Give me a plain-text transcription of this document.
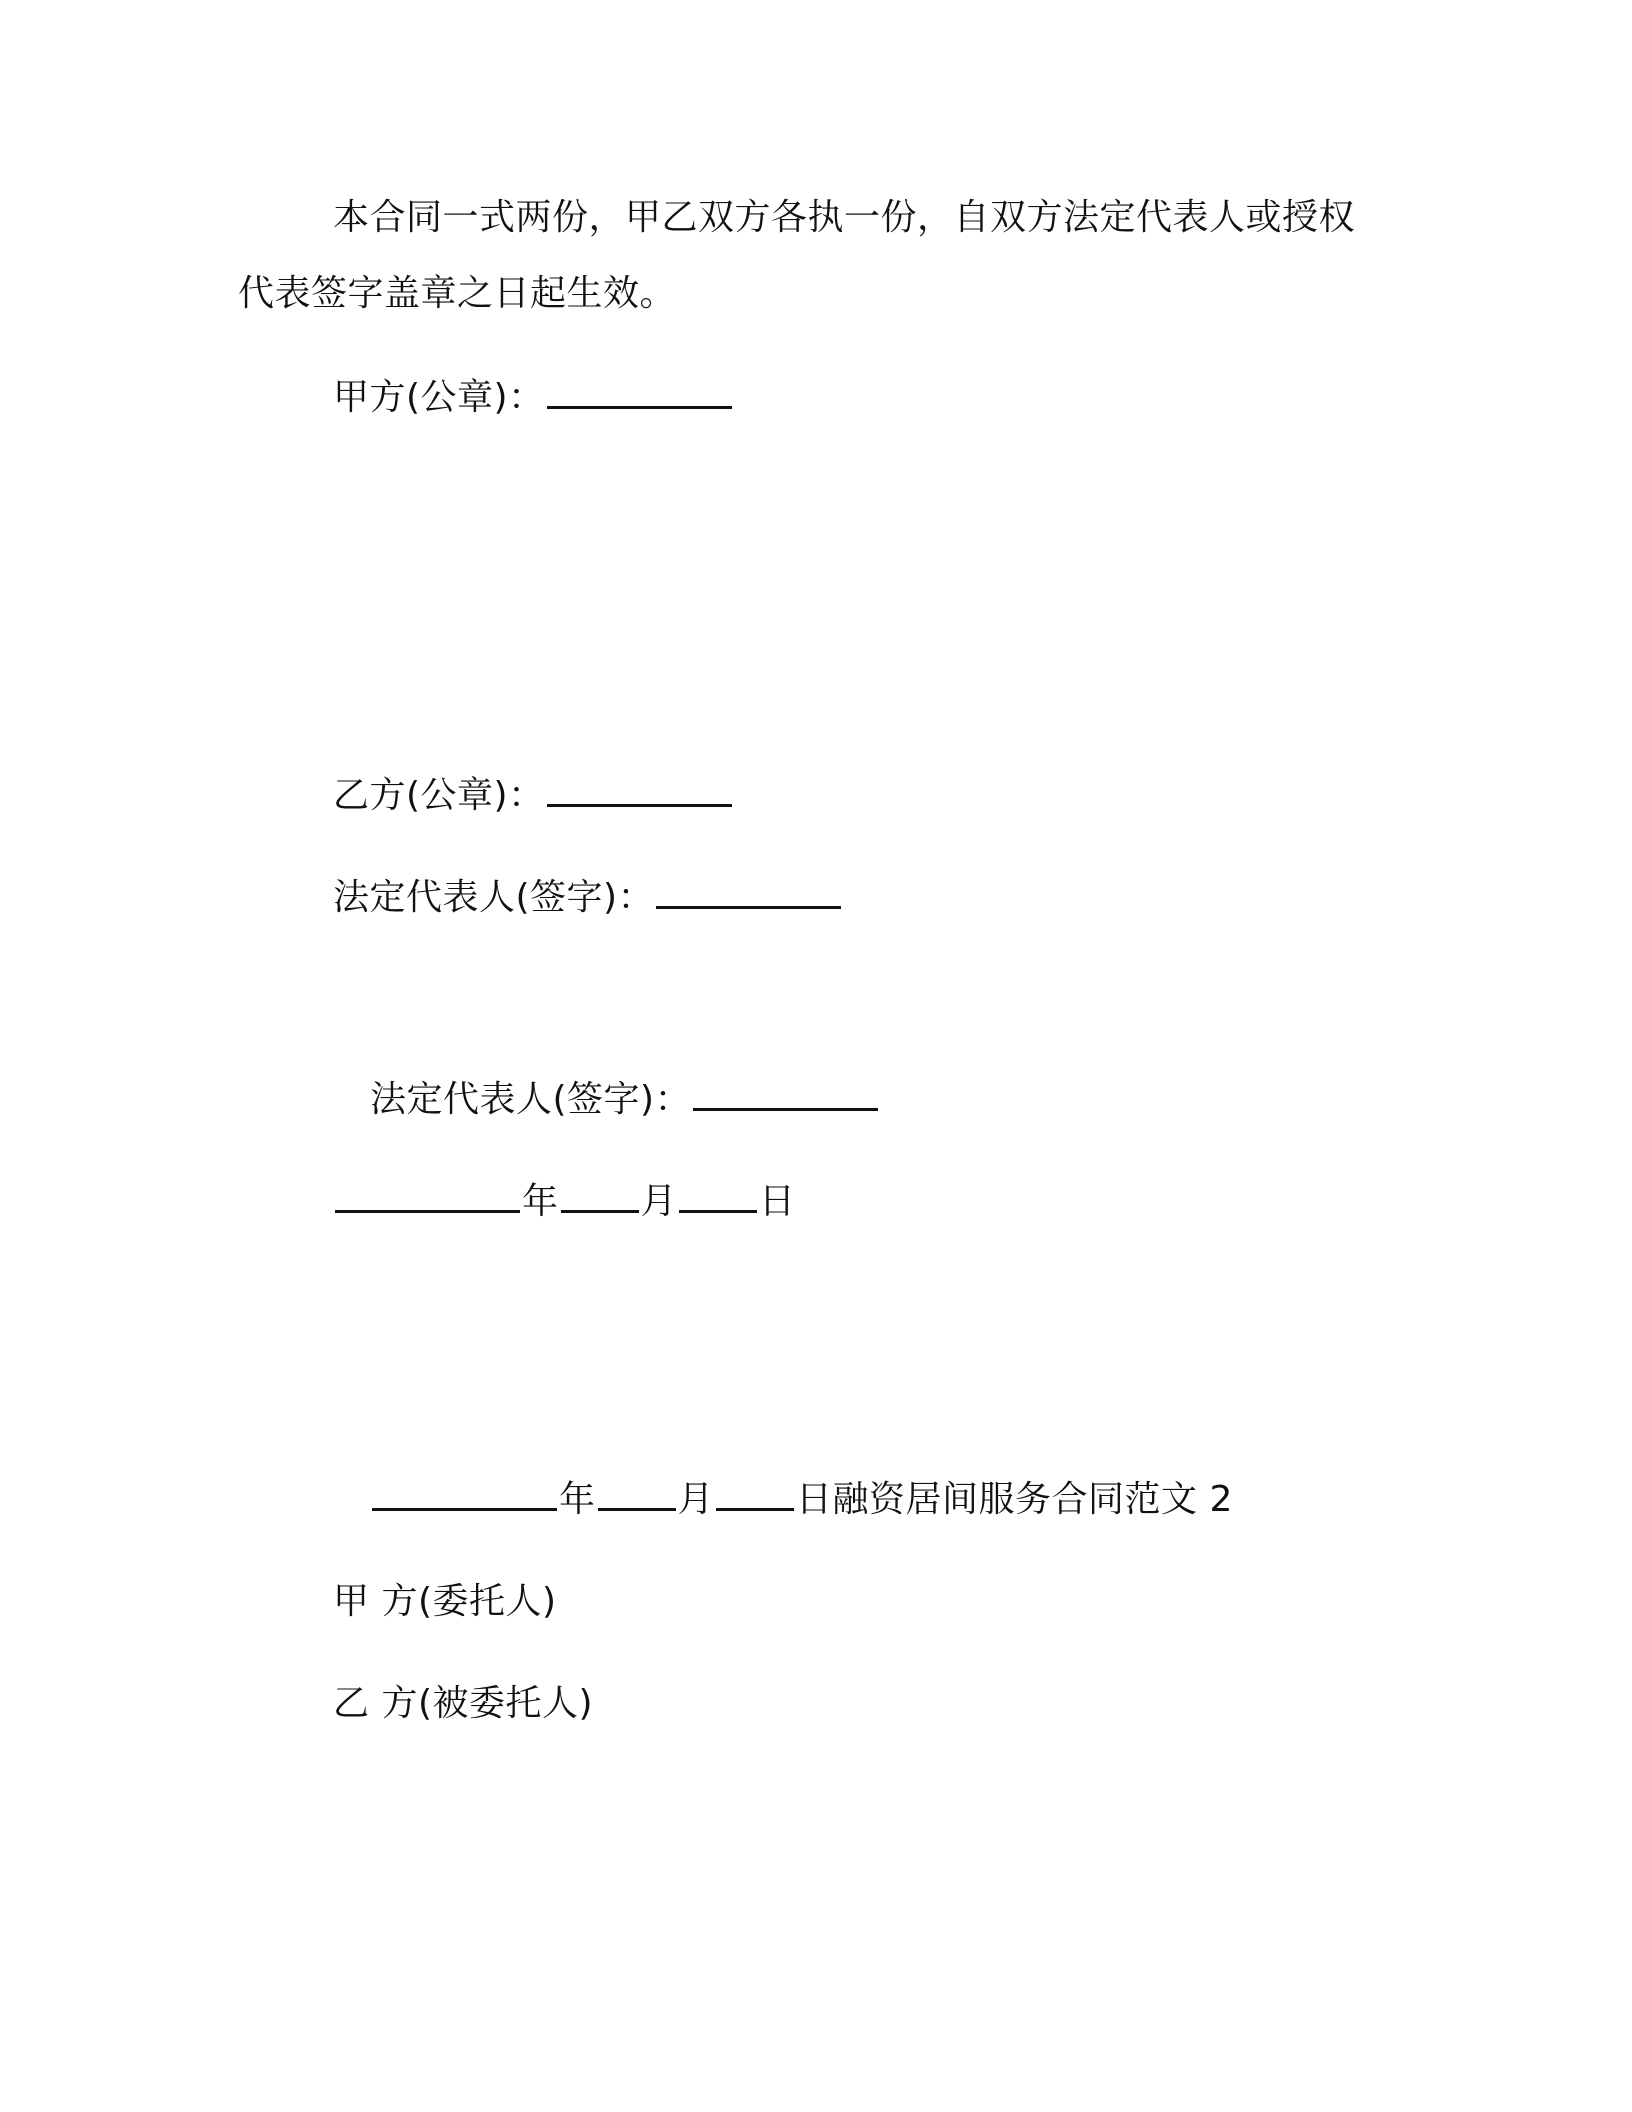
本合同一式两份，甲乙双方各执一份，自双方法定代表人或授权
代表签字盖章之日起生效。
甲方(公章)：
乙方(公章)：
法定代表人(签字)：
法定代表人(签字)：
年 月 日
年 月 日融资居间服务合同范文 2
甲 方(委托人)
乙 方(被委托人)
